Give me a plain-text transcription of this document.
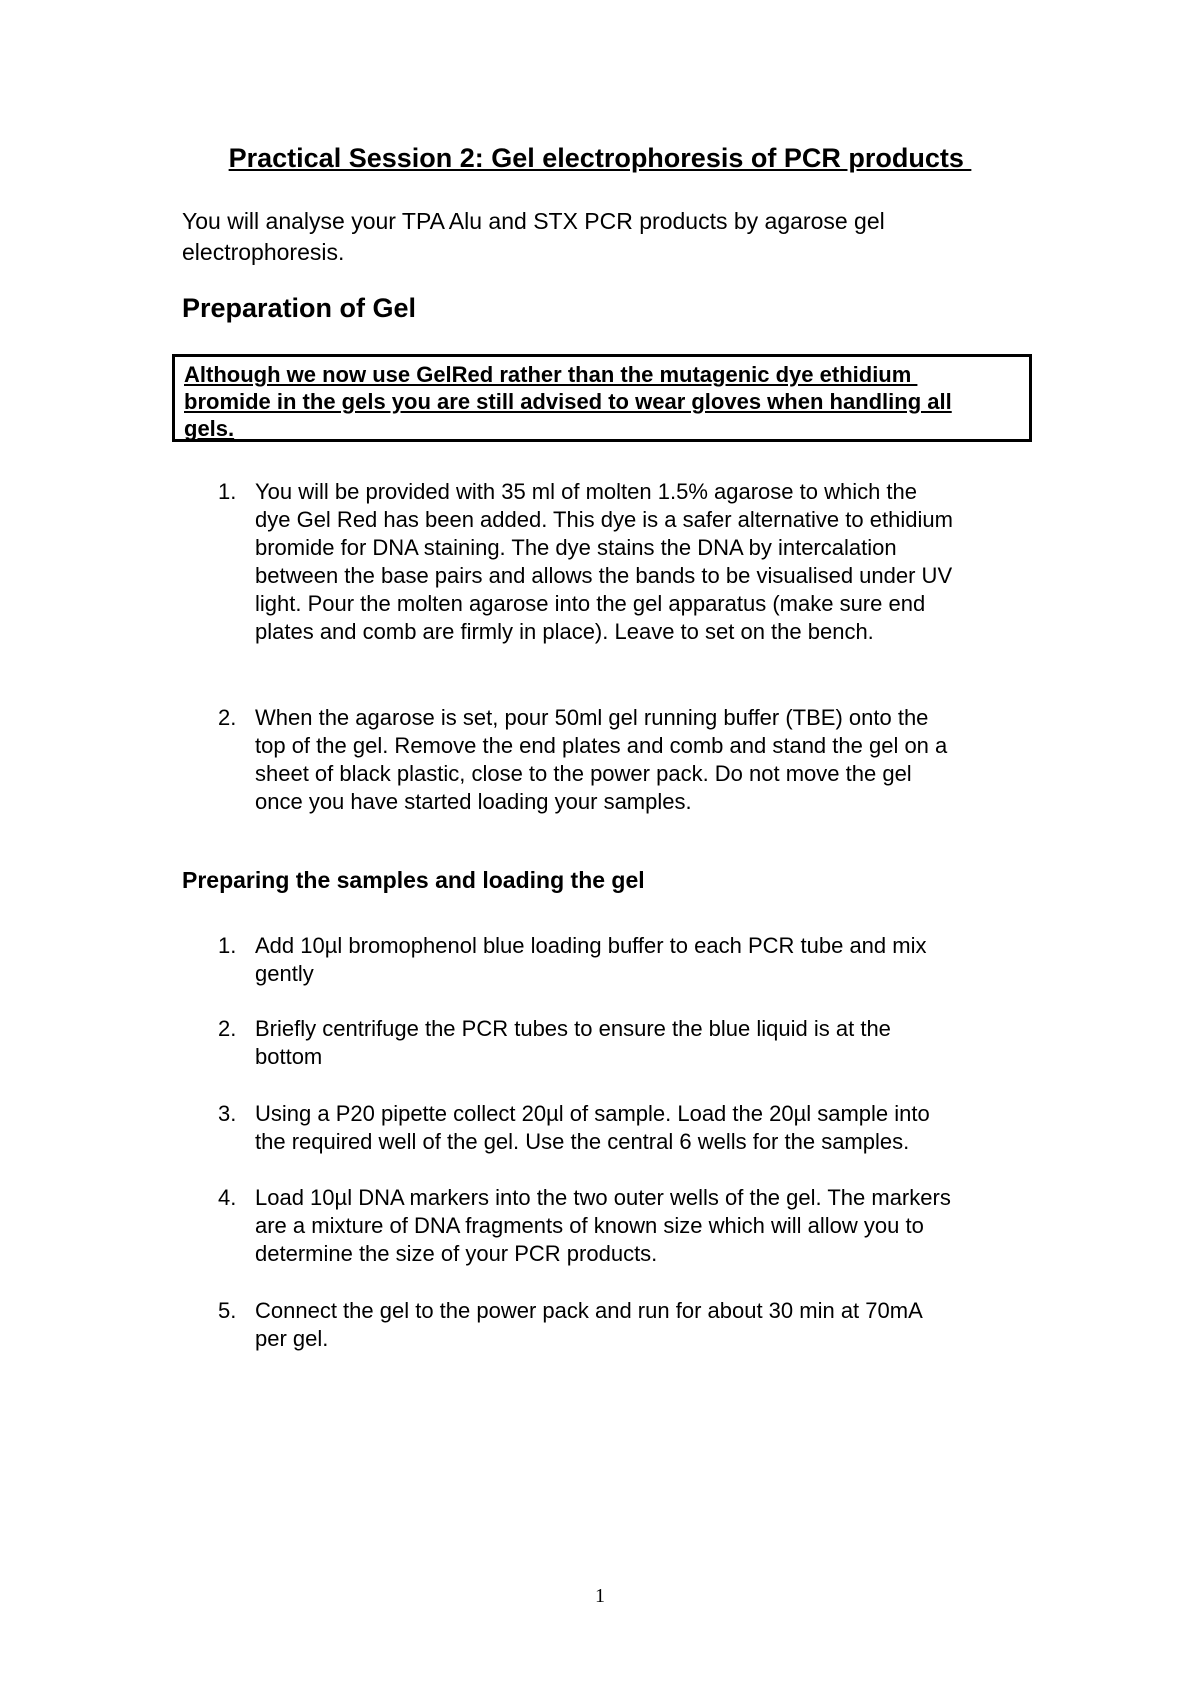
Practical Session 2: Gel electrophoresis of PCR products
You will analyse your TPA Alu and STX PCR products by agarose gel
electrophoresis.
Preparation of Gel
Although we now use GelRed rather than the mutagenic dye ethidium
bromide in the gels you are still advised to wear gloves when handling all
gels.
1. You will be provided with 35 ml of molten 1.5% agarose to which the
dye Gel Red has been added. This dye is a safer alternative to ethidium
bromide for DNA staining. The dye stains the DNA by intercalation
between the base pairs and allows the bands to be visualised under UV
light. Pour the molten agarose into the gel apparatus (make sure end
plates and comb are firmly in place). Leave to set on the bench.
2. When the agarose is set, pour 50ml gel running buffer (TBE) onto the
top of the gel. Remove the end plates and comb and stand the gel on a
sheet of black plastic, close to the power pack. Do not move the gel
once you have started loading your samples.
Preparing the samples and loading the gel
1. Add 10µl bromophenol blue loading buffer to each PCR tube and mix
gently
2. Briefly centrifuge the PCR tubes to ensure the blue liquid is at the
bottom
3. Using a P20 pipette collect 20µl of sample. Load the 20µl sample into
the required well of the gel. Use the central 6 wells for the samples.
4. Load 10µl DNA markers into the two outer wells of the gel. The markers
are a mixture of DNA fragments of known size which will allow you to
determine the size of your PCR products.
5. Connect the gel to the power pack and run for about 30 min at 70mA
per gel.

1
